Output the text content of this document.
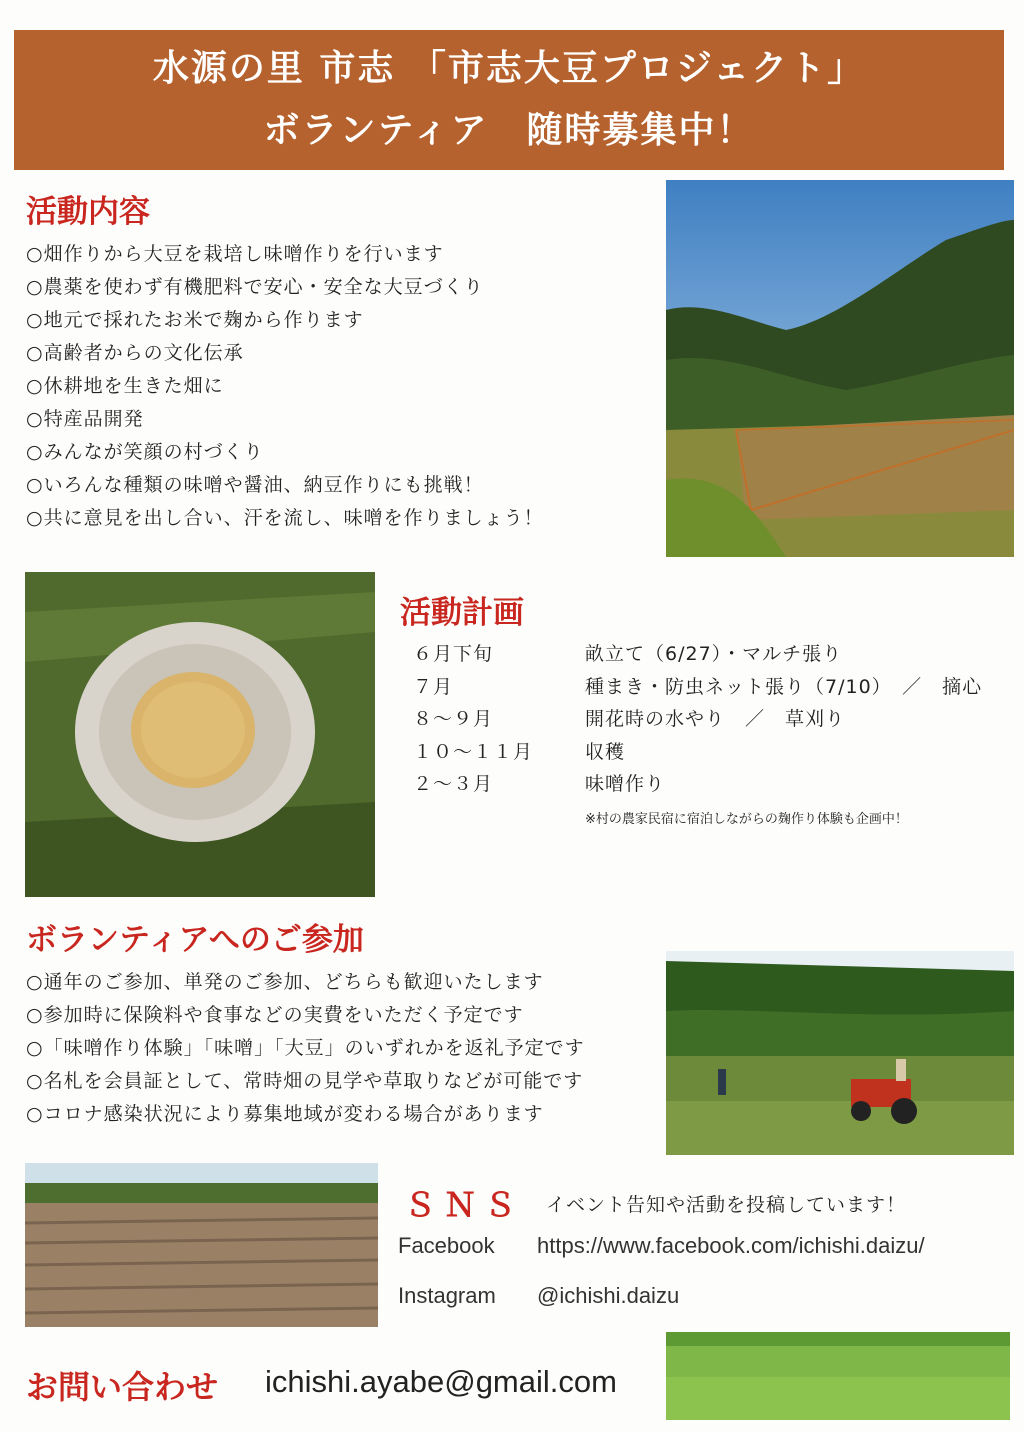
水源の里 市志 「市志大豆プロジェクト」
ボランティア　随時募集中！
活動内容
○畑作りから大豆を栽培し味噌作りを行います
○農薬を使わず有機肥料で安心・安全な大豆づくり
○地元で採れたお米で麹から作ります
○高齢者からの文化伝承
○休耕地を生きた畑に
○特産品開発
○みんなが笑顔の村づくり
○いろんな種類の味噌や醤油、納豆作りにも挑戦！
○共に意見を出し合い、汗を流し、味噌を作りましょう！
活動計画
６月下旬	畝立て（6/27）・マルチ張り
７月	種まき・防虫ネット張り（7/10）　／　摘心
８～９月	開花時の水やり　／　草刈り
１０～１１月	収穫
２～３月	味噌作り
※村の農家民宿に宿泊しながらの麹作り体験も企画中！
ボランティアへのご参加
○通年のご参加、単発のご参加、どちらも歓迎いたします
○参加時に保険料や食事などの実費をいただく予定です
○「味噌作り体験」「味噌」「大豆」のいずれかを返礼予定です
○名札を会員証として、常時畑の見学や草取りなどが可能です
○コロナ感染状況により募集地域が変わる場合があります
ＳＮＳ イベント告知や活動を投稿しています！
Facebook https://www.facebook.com/ichishi.daizu/
Instagram @ichishi.daizu
お問い合わせ ichishi.ayabe@gmail.com
